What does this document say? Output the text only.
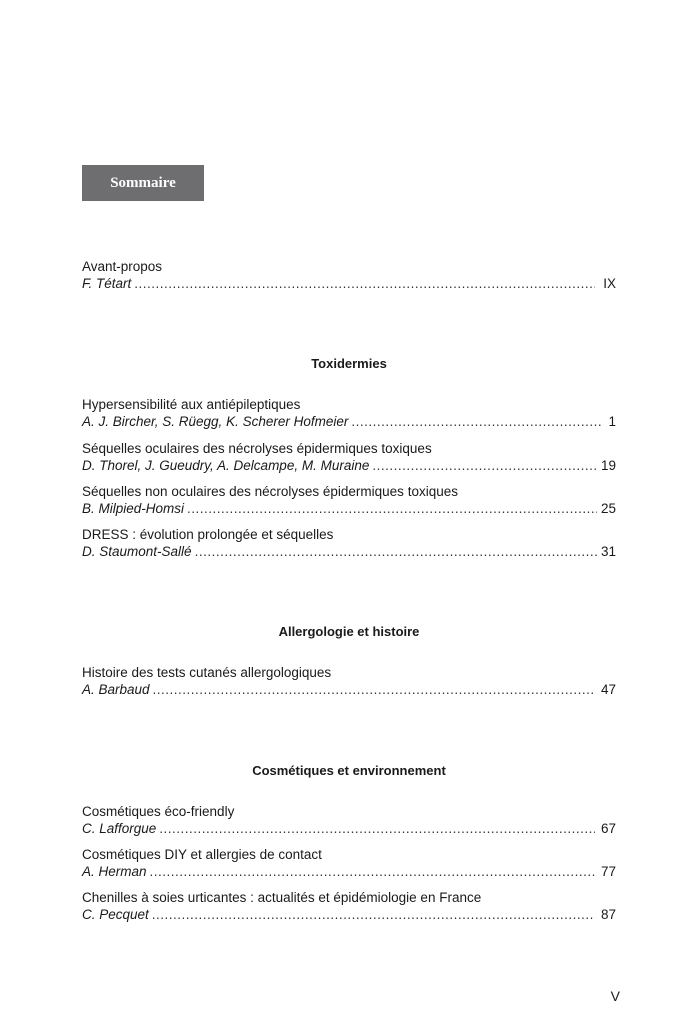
Sommaire
Avant-propos
F. Tétart .....	IX
Toxidermies
Hypersensibilité aux antiépileptiques
A. J. Bircher, S. Rüegg, K. Scherer Hofmeier .....	1
Séquelles oculaires des nécrolyses épidermiques toxiques
D. Thorel, J. Gueudry, A. Delcampe, M. Muraine .....	19
Séquelles non oculaires des nécrolyses épidermiques toxiques
B. Milpied-Homsi .....	25
DRESS : évolution prolongée et séquelles
D. Staumont-Sallé .....	31
Allergologie et histoire
Histoire des tests cutanés allergologiques
A. Barbaud .....	47
Cosmétiques et environnement
Cosmétiques éco-friendly
C. Lafforgue .....	67
Cosmétiques DIY et allergies de contact
A. Herman .....	77
Chenilles à soies urticantes : actualités et épidémiologie en France
C. Pecquet .....	87
V
